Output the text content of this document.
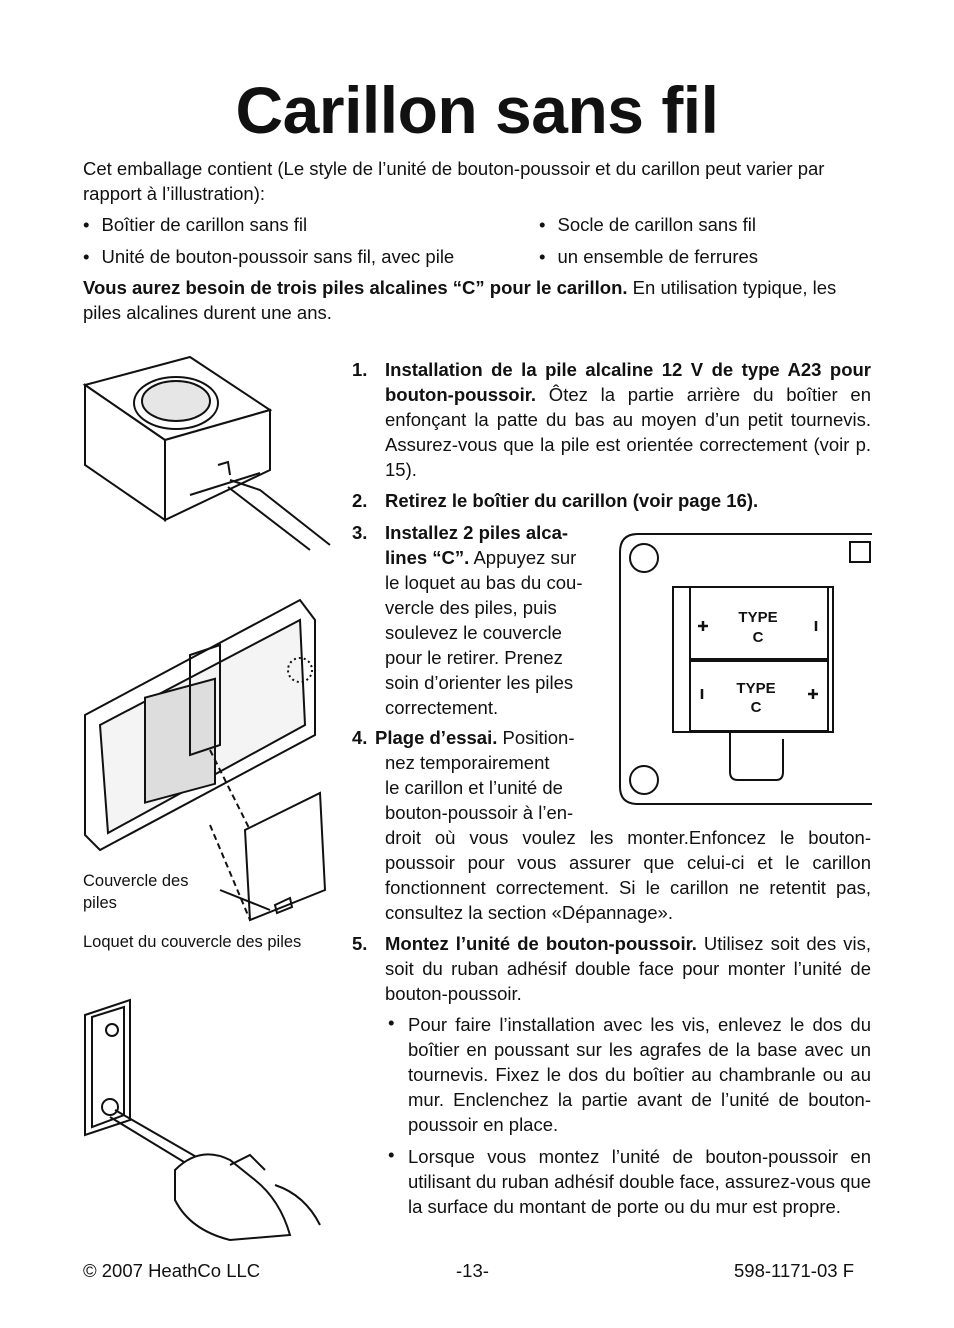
Carillon sans fil
Cet emballage contient (Le style de l’unité de bouton-poussoir et du carillon peut varier par rapport à l’illustration):
• Boîtier de carillon sans fil	• Socle de carillon sans fil
• Unité de bouton-poussoir sans fil, avec pile	• un ensemble de ferrures
Vous aurez besoin de trois piles alcalines “C” pour le carillon. En utilisation typique, les piles alcalines durent une ans.
1. Installation de la pile alcaline 12 V de type A23 pour bouton-poussoir. Ôtez la partie arrière du boîtier en enfonçant la patte du bas au moyen d’un petit tournevis. Assurez-vous que la pile est orientée correctement (voir p. 15).
2. Retirez le boîtier du carillon (voir page 16).
3. Installez 2 piles alca-
lines “C”. Appuyez sur
le loquet au bas du cou-
vercle des piles, puis
soulevez le couvercle
pour le retirer. Prenez
soin d’orienter les piles
correctement.
4. Plage d’essai. Position-
nez temporairement
le carillon et l’unité de
bouton-poussoir à l’en-
droit où vous voulez les monter.Enfoncez le bouton-poussoir pour vous assurer que celui-ci et le carillon fonctionnent correctement. Si le carillon ne retentit pas, consultez la section «Dépannage».
5. Montez l’unité de bouton-poussoir. Utilisez soit des vis, soit du ruban adhésif double face pour monter l’unité de bouton-poussoir.
• Pour faire l’installation avec les vis, enlevez le dos du boîtier en poussant sur les agrafes de la base avec un tournevis. Fixez le dos du boîtier au chambranle ou au mur. Enclenchez la partie avant de l’unité de bouton-poussoir en place.
• Lorsque vous montez l’unité de bouton-poussoir en utilisant du ruban adhésif double face, assurez-vous que la surface du montant de porte ou du mur est propre.
Couvercle des piles
Loquet du couvercle des piles
TYPE
C
TYPE
C
© 2007 HeathCo LLC	-13-	598-1171-03 F
